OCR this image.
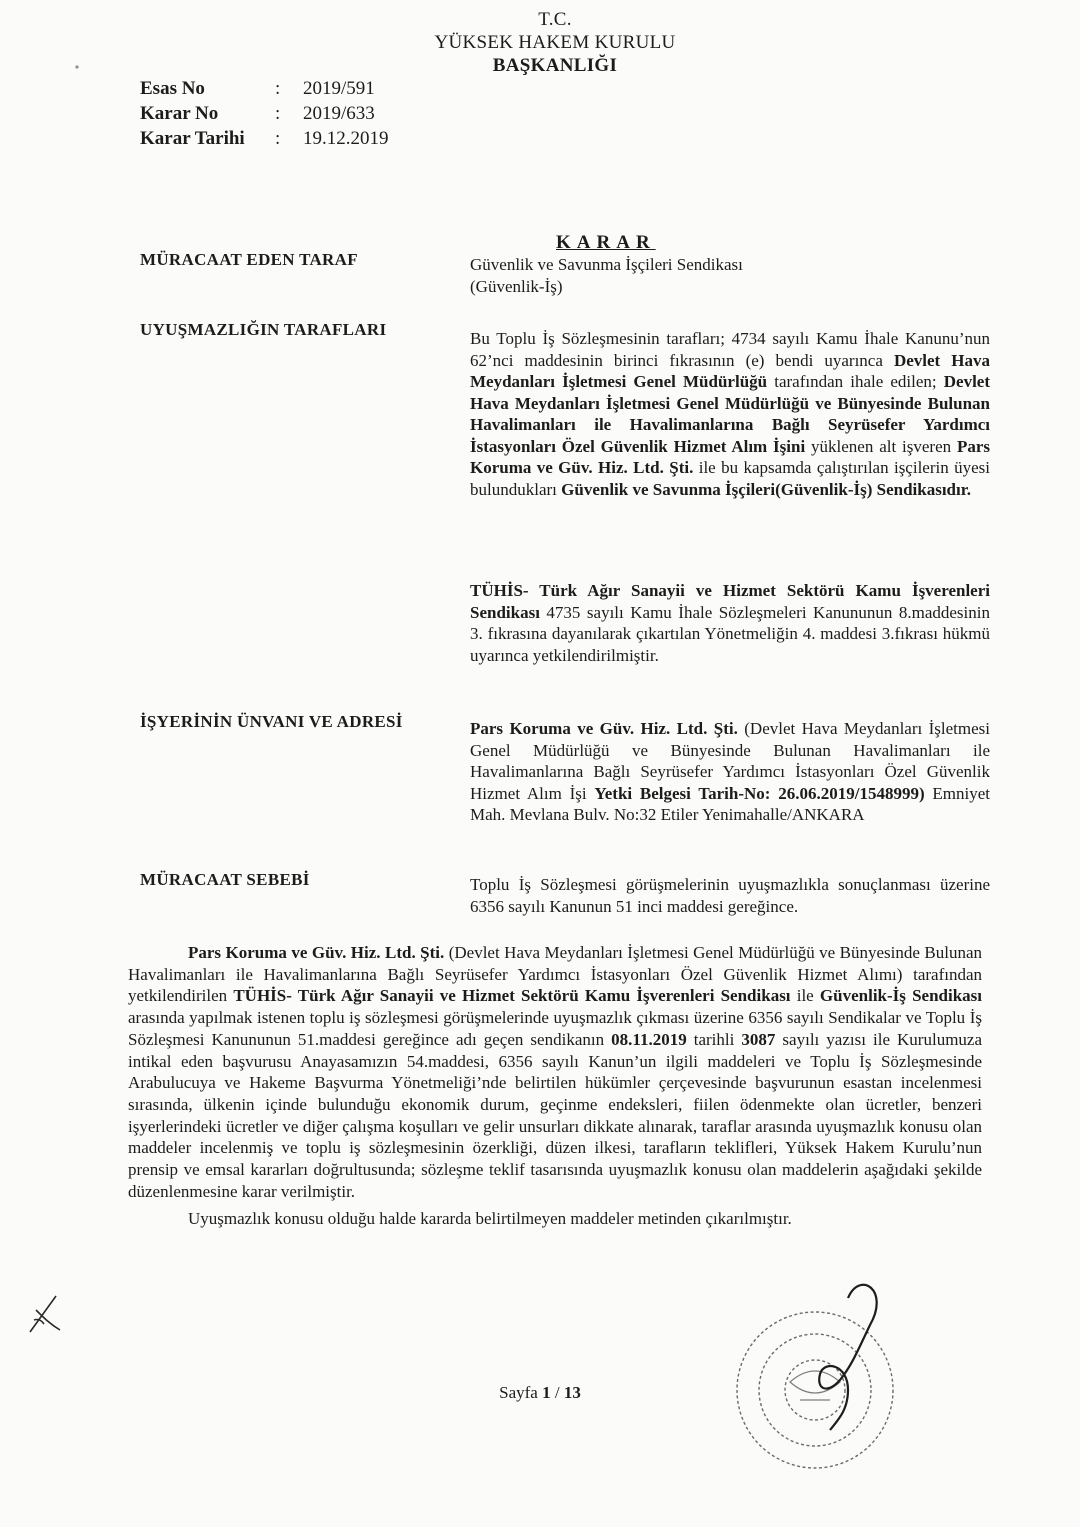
T.C.
YÜKSEK HAKEM KURULU
BAŞKANLIĞI
Esas No	:	2019/591
Karar No	:	2019/633
Karar Tarihi	:	19.12.2019
KARAR
MÜRACAAT EDEN TARAF	Güvenlik ve Savunma İşçileri Sendikası

(Güvenlik-İş)

UYUŞMAZLIĞIN TARAFLARI	Bu Toplu İş Sözleşmesinin tarafları; 4734 sayılı Kamu İhale Kanunu’nun 62’nci maddesinin birinci fıkrasının (e) bendi uyarınca Devlet Hava Meydanları İşletmesi Genel Müdürlüğü tarafından ihale edilen; Devlet Hava Meydanları İşletmesi Genel Müdürlüğü ve Bünyesinde Bulunan Havalimanları ile Havalimanlarına Bağlı Seyrüsefer Yardımcı İstasyonları Özel Güvenlik Hizmet Alım İşini yüklenen alt işveren Pars Koruma ve Güv. Hiz. Ltd. Şti. ile bu kapsamda çalıştırılan işçilerin üyesi bulundukları Güvenlik ve Savunma İşçileri(Güvenlik-İş) Sendikasıdır.

TÜHİS- Türk Ağır Sanayii ve Hizmet Sektörü Kamu İşverenleri Sendikası 4735 sayılı Kamu İhale Sözleşmeleri Kanununun 8.maddesinin 3. fıkrasına dayanılarak çıkartılan Yönetmeliğin 4. maddesi 3.fıkrası hükmü uyarınca yetkilendirilmiştir.

İŞYERİNİN ÜNVANI VE ADRESİ	Pars Koruma ve Güv. Hiz. Ltd. Şti. (Devlet Hava Meydanları İşletmesi Genel Müdürlüğü ve Bünyesinde Bulunan Havalimanları ile Havalimanlarına Bağlı Seyrüsefer Yardımcı İstasyonları Özel Güvenlik Hizmet Alım İşi Yetki Belgesi Tarih-No: 26.06.2019/1548999) Emniyet Mah. Mevlana Bulv. No:32 Etiler Yenimahalle/ANKARA

MÜRACAAT SEBEBİ	Toplu İş Sözleşmesi görüşmelerinin uyuşmazlıkla sonuçlanması üzerine 6356 sayılı Kanunun 51 inci maddesi gereğince.

Pars Koruma ve Güv. Hiz. Ltd. Şti. (Devlet Hava Meydanları İşletmesi Genel Müdürlüğü ve Bünyesinde Bulunan Havalimanları ile Havalimanlarına Bağlı Seyrüsefer Yardımcı İstasyonları Özel Güvenlik Hizmet Alımı) tarafından yetkilendirilen TÜHİS- Türk Ağır Sanayii ve Hizmet Sektörü Kamu İşverenleri Sendikası ile Güvenlik-İş Sendikası arasında yapılmak istenen toplu iş sözleşmesi görüşmelerinde uyuşmazlık çıkması üzerine 6356 sayılı Sendikalar ve Toplu İş Sözleşmesi Kanununun 51.maddesi gereğince adı geçen sendikanın 08.11.2019 tarihli 3087 sayılı yazısı ile Kurulumuza intikal eden başvurusu Anayasamızın 54.maddesi, 6356 sayılı Kanun’un ilgili maddeleri ve Toplu İş Sözleşmesinde Arabulucuya ve Hakeme Başvurma Yönetmeliği’nde belirtilen hükümler çerçevesinde başvurunun esastan incelenmesi sırasında, ülkenin içinde bulunduğu ekonomik durum, geçinme endeksleri, fiilen ödenmekte olan ücretler, benzeri işyerlerindeki ücretler ve diğer çalışma koşulları ve gelir unsurları dikkate alınarak, taraflar arasında uyuşmazlık konusu olan maddeler incelenmiş ve toplu iş sözleşmesinin özerkliği, düzen ilkesi, tarafların teklifleri, Yüksek Hakem Kurulu’nun prensip ve emsal kararları doğrultusunda; sözleşme teklif tasarısında uyuşmazlık konusu olan maddelerin aşağıdaki şekilde düzenlenmesine karar verilmiştir.

Uyuşmazlık konusu olduğu halde kararda belirtilmeyen maddeler metinden çıkarılmıştır.

Sayfa 1 / 13
